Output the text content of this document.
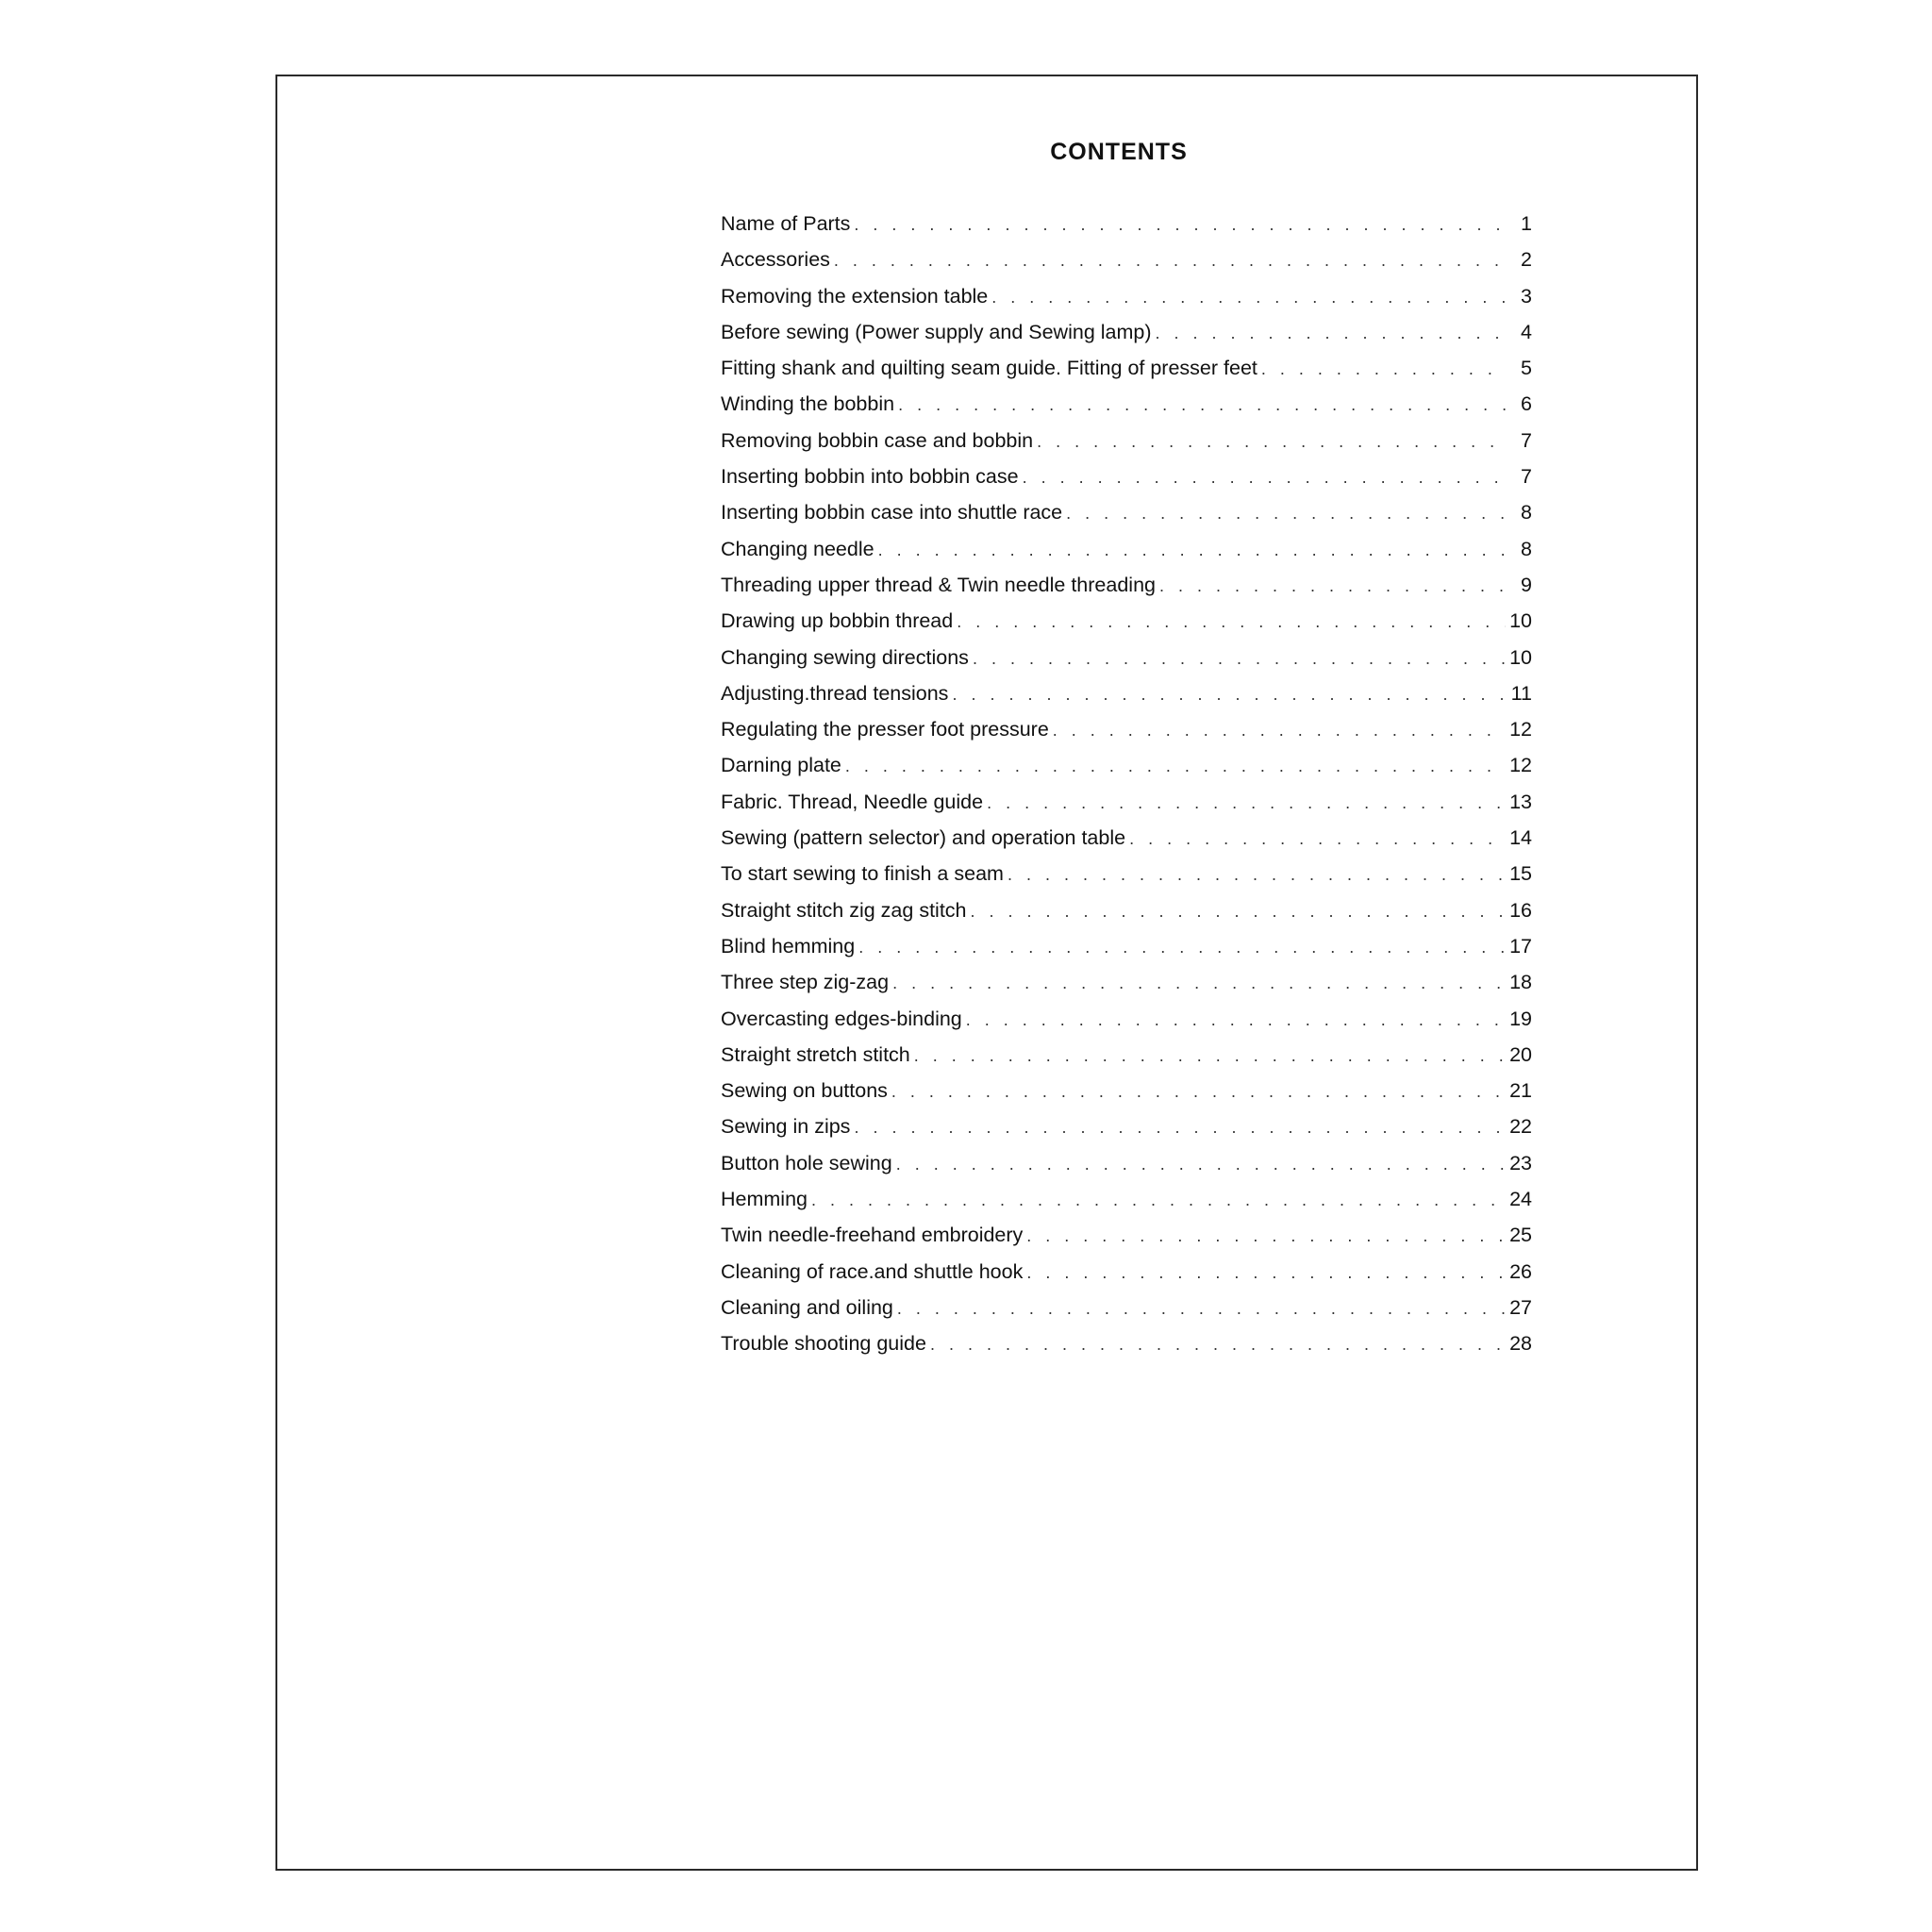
CONTENTS
Name of Parts . . .	1
Accessories . . .	2
Removing the extension table . . .	3
Before sewing (Power supply and Sewing lamp) . . .	4
Fitting shank and quilting seam guide. Fitting of presser feet . . .	5
Winding the bobbin . . .	6
Removing bobbin case and bobbin . . .	7
Inserting bobbin into bobbin case . . .	7
Inserting bobbin case into shuttle race . . .	8
Changing needle . . .	8
Threading upper thread & Twin needle threading . . .	9
Drawing up bobbin thread . . .	10
Changing sewing directions . . .	10
Adjusting.thread tensions . . .	11
Regulating the presser foot pressure . . .	12
Darning plate . . .	12
Fabric. Thread, Needle guide . . .	13
Sewing (pattern selector) and operation table . . .	14
To start sewing to finish a seam . . .	15
Straight stitch zig zag stitch . . .	16
Blind hemming . . .	17
Three step zig-zag . . .	18
Overcasting edges-binding . . .	19
Straight stretch stitch . . .	20
Sewing on buttons . . .	21
Sewing in zips . . .	22
Button hole sewing . . .	23
Hemming . . .	24
Twin needle-freehand embroidery . . .	25
Cleaning of race.and shuttle hook . . .	26
Cleaning and oiling . . .	27
Trouble shooting guide . . .	28
